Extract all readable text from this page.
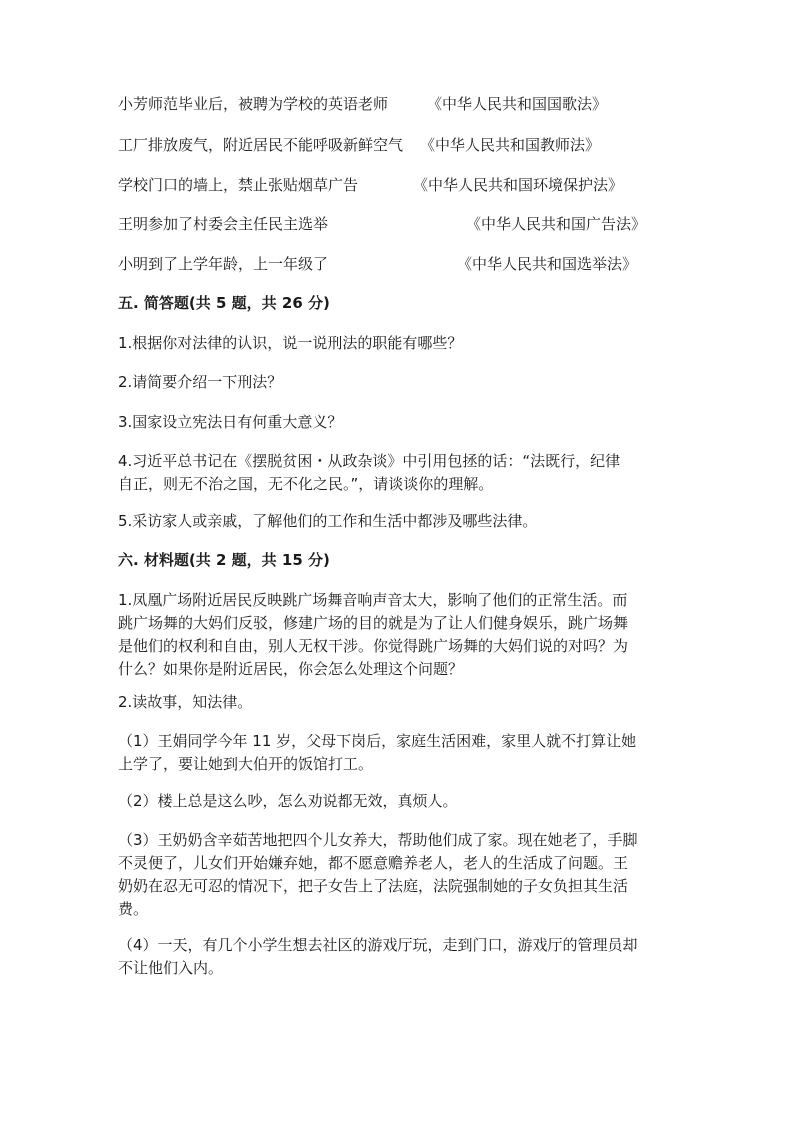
小芳师范毕业后，被聘为学校的英语老师	《中华人民共和国国歌法》
工厂排放废气，附近居民不能呼吸新鲜空气 《中华人民共和国教师法》
学校门口的墙上，禁止张贴烟草广告	《中华人民共和国环境保护法》
王明参加了村委会主任民主选举	《中华人民共和国广告法》
小明到了上学年龄，上一年级了	《中华人民共和国选举法》
五. 简答题(共 5 题，共 26 分)
1.根据你对法律的认识，说一说刑法的职能有哪些？
2.请简要介绍一下刑法？
3.国家设立宪法日有何重大意义？
4.习近平总书记在《摆脱贫困・从政杂谈》中引用包拯的话：“法既行，纪律
自正，则无不治之国，无不化之民。”，请谈谈你的理解。
5.采访家人或亲戚，了解他们的工作和生活中都涉及哪些法律。
六. 材料题(共 2 题，共 15 分)
1.凤凰广场附近居民反映跳广场舞音响声音太大，影响了他们的正常生活。而
跳广场舞的大妈们反驳，修建广场的目的就是为了让人们健身娱乐，跳广场舞
是他们的权利和自由，别人无权干涉。你觉得跳广场舞的大妈们说的对吗？为
什么？如果你是附近居民，你会怎么处理这个问题？
2.读故事，知法律。
（1）王娟同学今年 11 岁，父母下岗后，家庭生活困难，家里人就不打算让她
上学了，要让她到大伯开的饭馆打工。
（2）楼上总是这么吵，怎么劝说都无效，真烦人。
（3）王奶奶含辛茹苦地把四个儿女养大，帮助他们成了家。现在她老了，手脚
不灵便了，儿女们开始嫌弃她，都不愿意赡养老人，老人的生活成了问题。王
奶奶在忍无可忍的情况下，把子女告上了法庭，法院强制她的子女负担其生活
费。
（4）一天，有几个小学生想去社区的游戏厅玩，走到门口，游戏厅的管理员却
不让他们入内。
